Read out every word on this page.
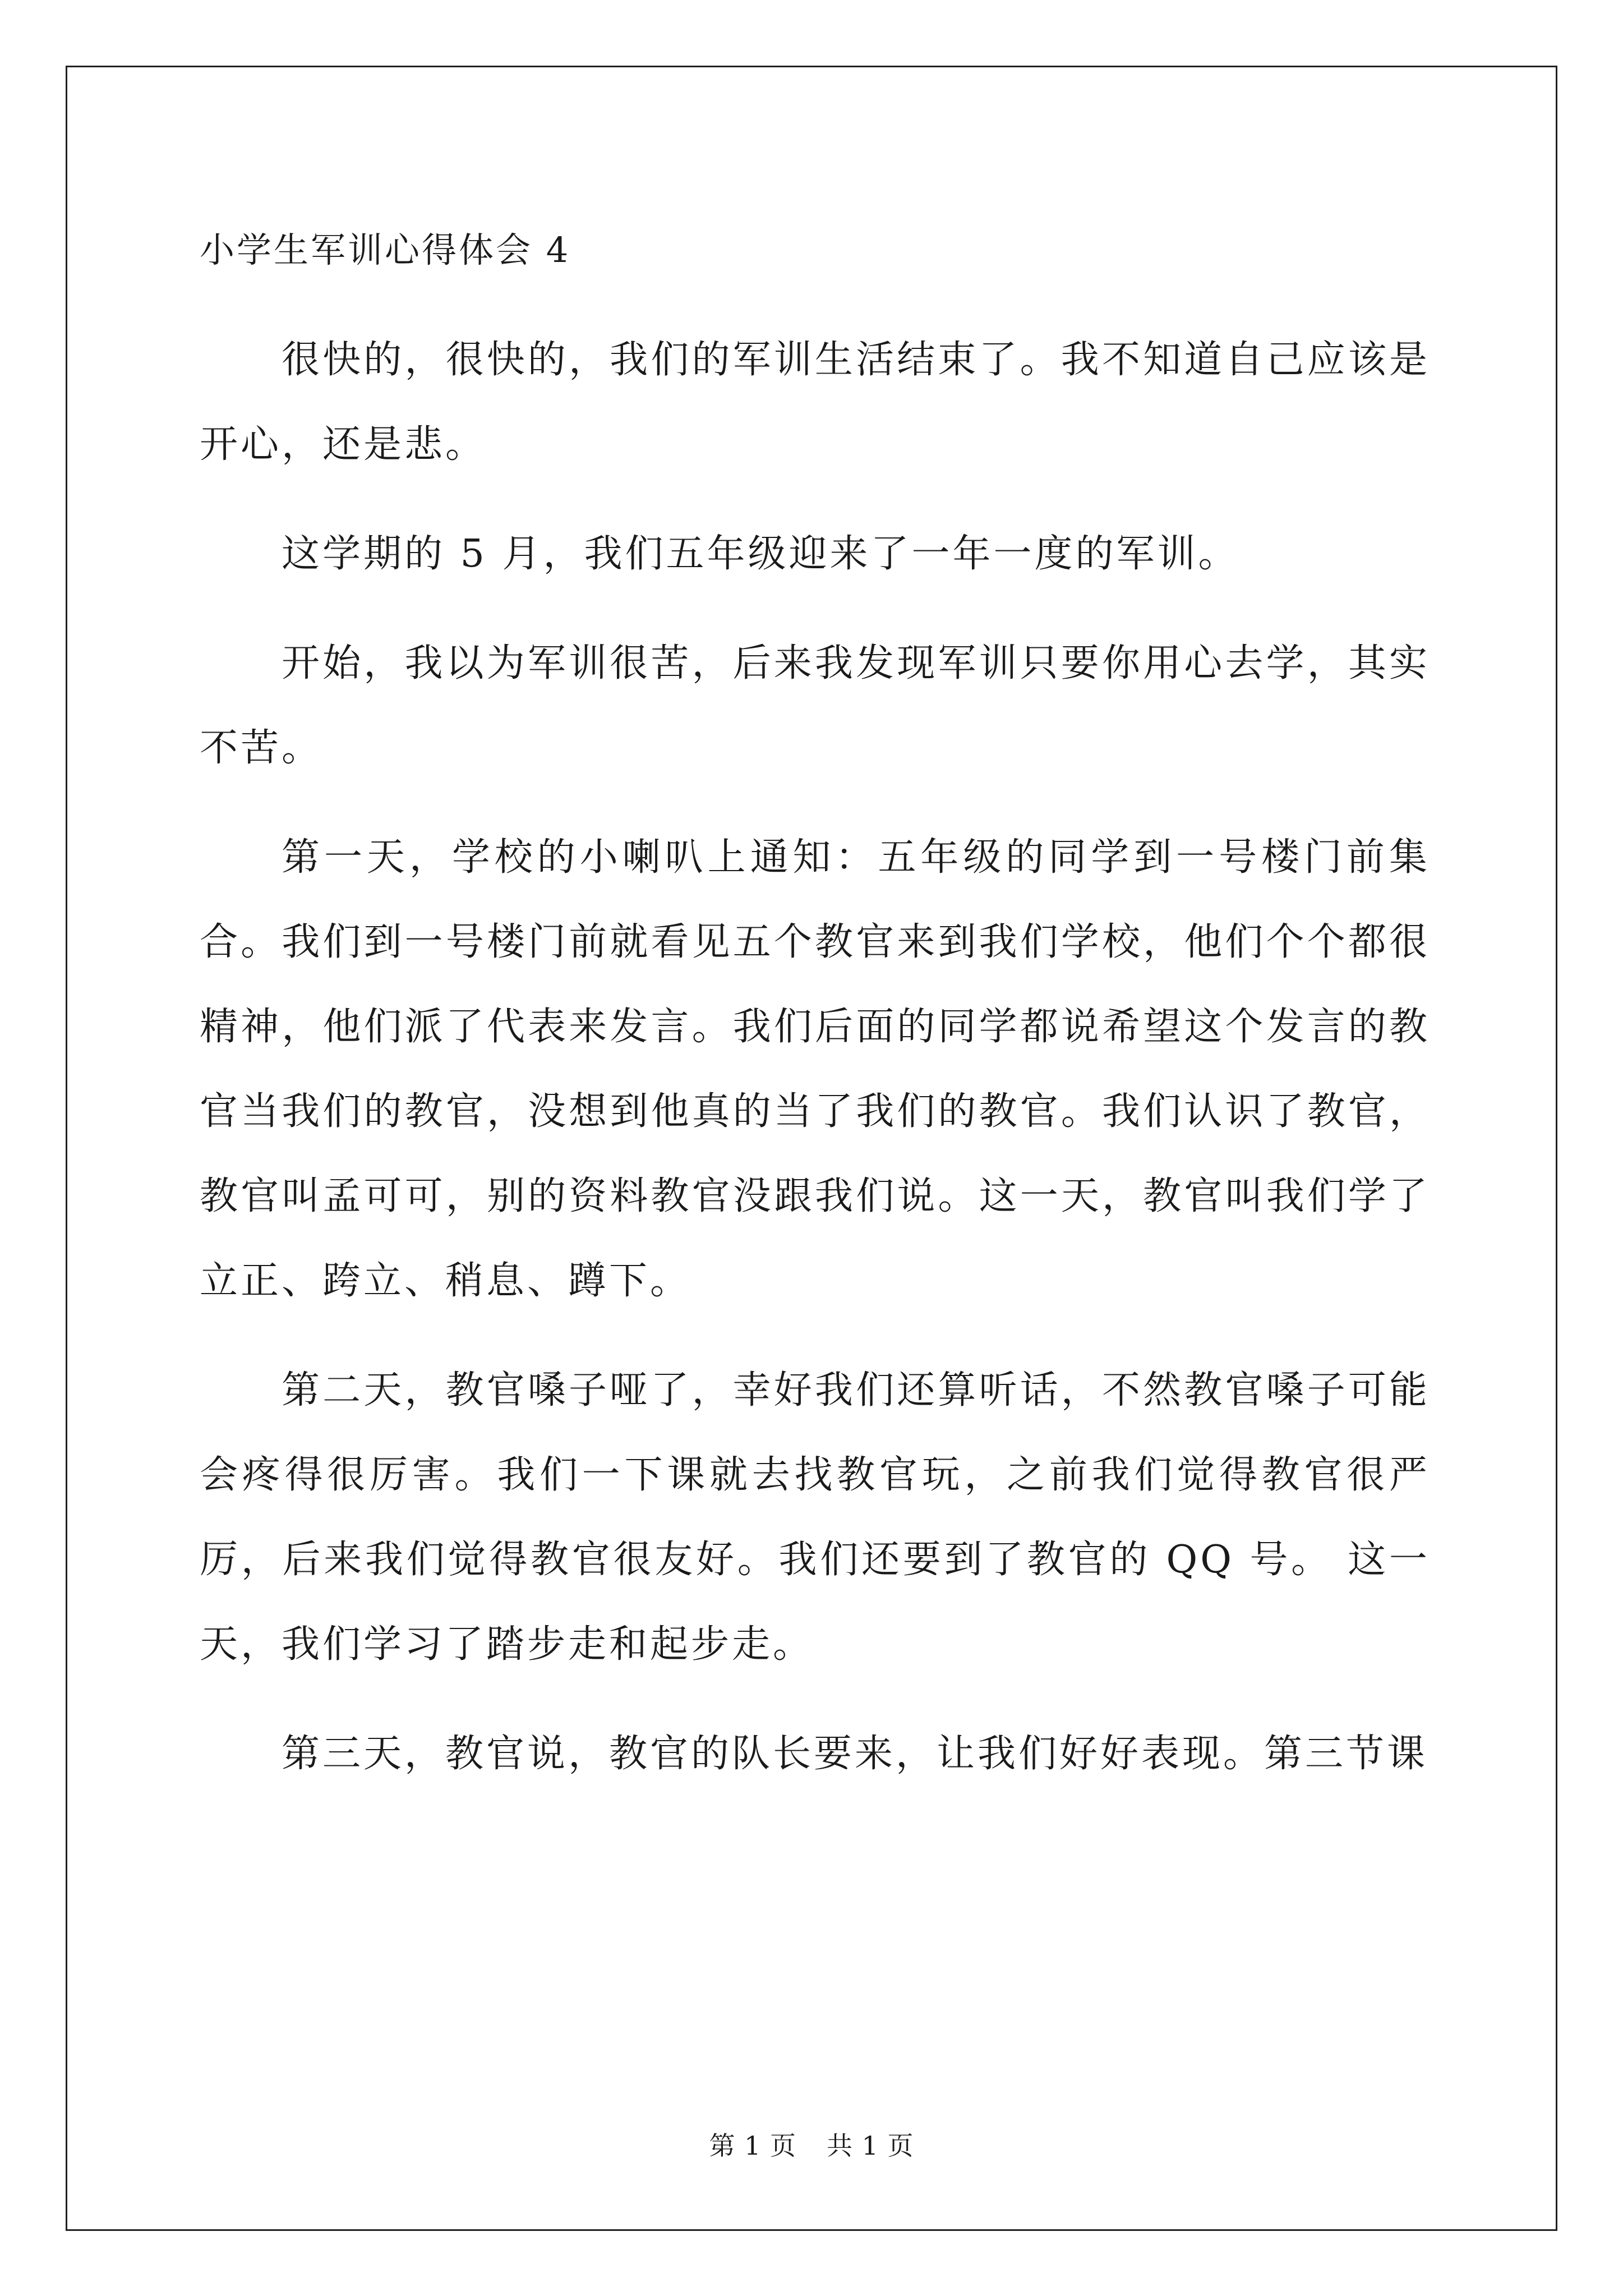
小学生军训心得体会 4

很快的，很快的，我们的军训生活结束了。我不知道自己应该是开心，还是悲。

这学期的 5 月，我们五年级迎来了一年一度的军训。

开始，我以为军训很苦，后来我发现军训只要你用心去学，其实不苦。

第一天，学校的小喇叭上通知：五年级的同学到一号楼门前集合。我们到一号楼门前就看见五个教官来到我们学校，他们个个都很精神，他们派了代表来发言。我们后面的同学都说希望这个发言的教官当我们的教官，没想到他真的当了我们的教官。我们认识了教官，教官叫孟可可，别的资料教官没跟我们说。这一天，教官叫我们学了立正、跨立、稍息、蹲下。

第二天，教官嗓子哑了，幸好我们还算听话，不然教官嗓子可能会疼得很厉害。我们一下课就去找教官玩，之前我们觉得教官很严厉，后来我们觉得教官很友好。我们还要到了教官的 QQ 号。 这一天，我们学习了踏步走和起步走。

第三天，教官说，教官的队长要来，让我们好好表现。第三节课

第 1 页 共 1 页
